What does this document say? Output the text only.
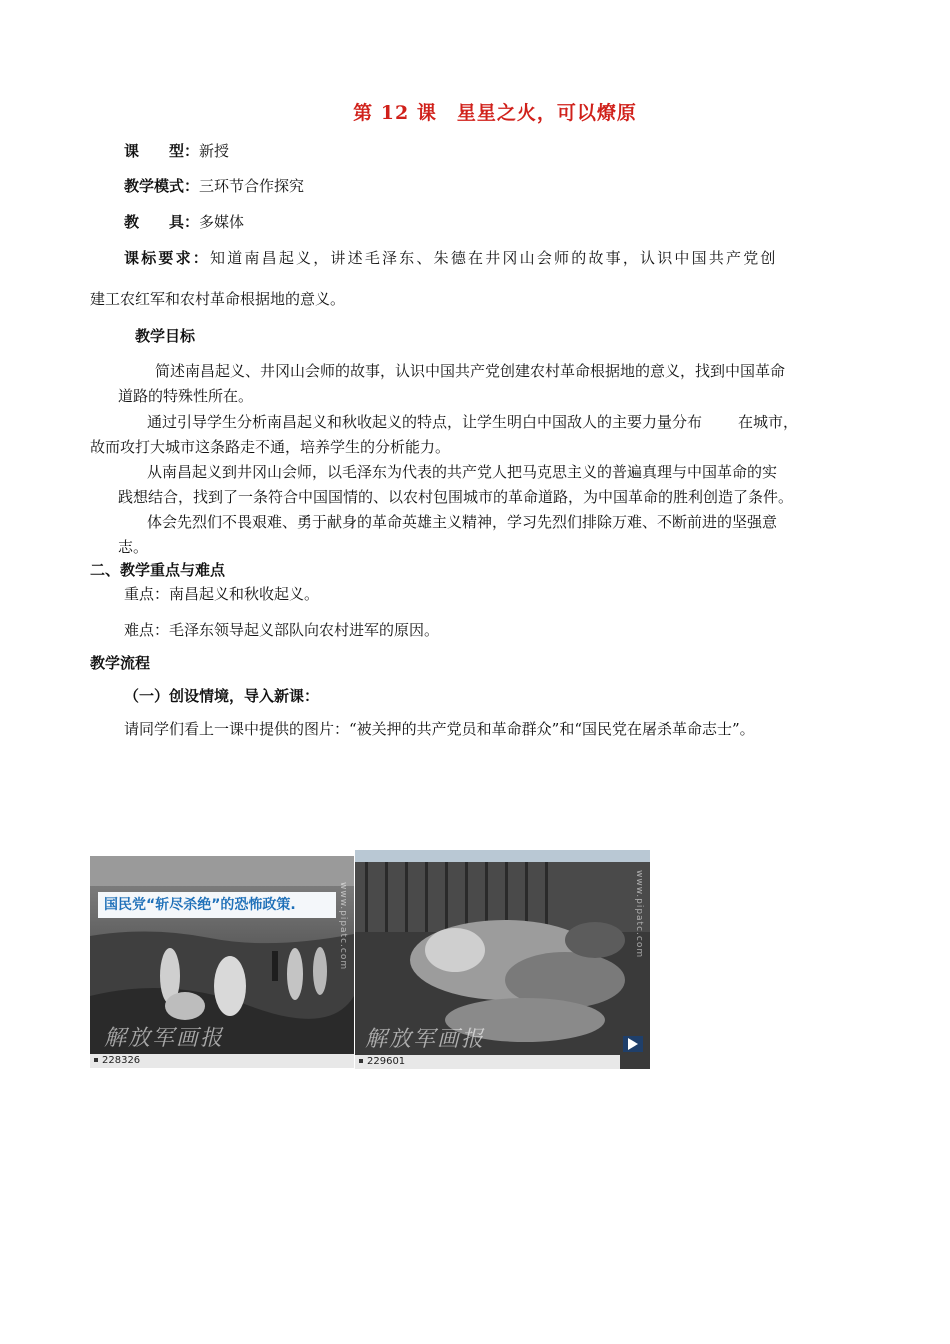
第 12 课　星星之火，可以燎原
课　　型：新授
教学模式：三环节合作探究
教　　具：多媒体
课标要求：知道南昌起义，讲述毛泽东、朱德在井冈山会师的故事，认识中国共产党创
建工农红军和农村革命根据地的意义。
教学目标
简述南昌起义、井冈山会师的故事，认识中国共产党创建农村革命根据地的意义，找到中国革命
道路的特殊性所在。
通过引导学生分析南昌起义和秋收起义的特点，让学生明白中国敌人的主要力量分布 在城市，
故而攻打大城市这条路走不通，培养学生的分析能力。
从南昌起义到井冈山会师，以毛泽东为代表的共产党人把马克思主义的普遍真理与中国革命的实
践想结合，找到了一条符合中国国情的、以农村包围城市的革命道路，为中国革命的胜利创造了条件。
体会先烈们不畏艰难、勇于献身的革命英雄主义精神，学习先烈们排除万难、不断前进的坚强意
志。
二、教学重点与难点
重点：南昌起义和秋收起义。
难点：毛泽东领导起义部队向农村进军的原因。
教学流程
（一）创设情境，导入新课：
请同学们看上一课中提供的图片：“被关押的共产党员和革命群众”和“国民党在屠杀革命志士”。
国民党“斩尽杀绝”的恐怖政策.	www.pipatc.com
解放军画报
228326
www.pipatc.com
解放军画报
229601
